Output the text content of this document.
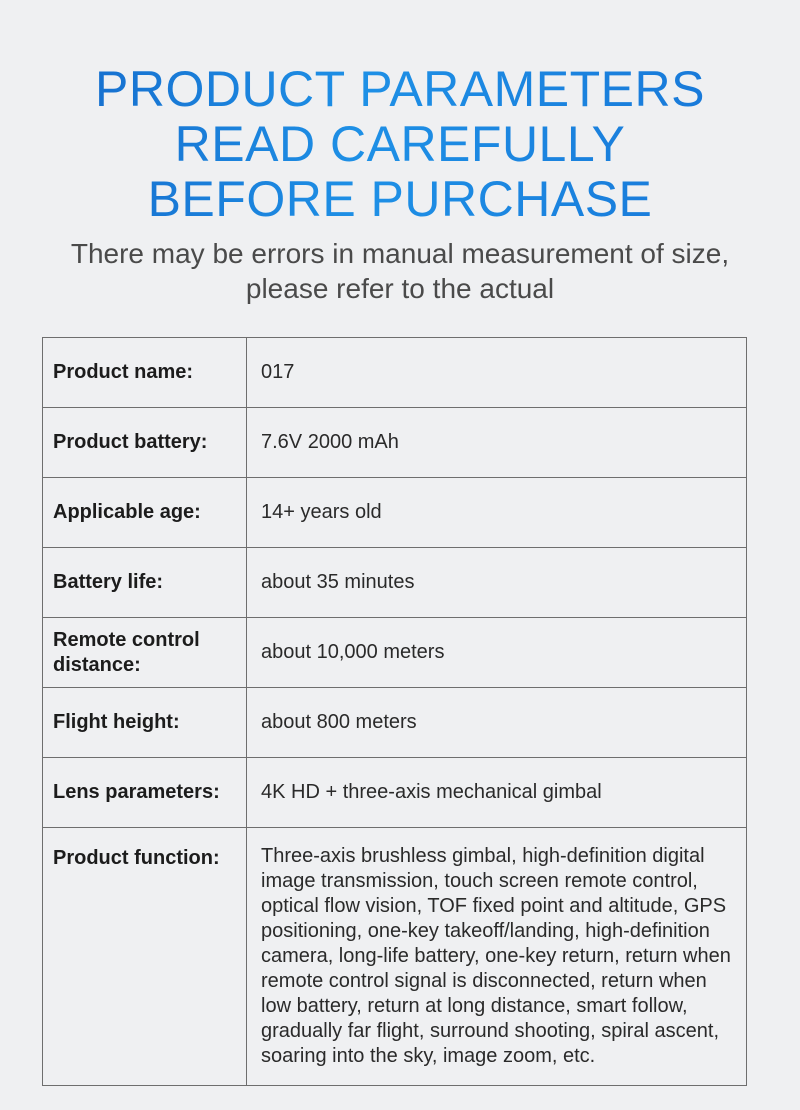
PRODUCT PARAMETERS
READ CAREFULLY
BEFORE PURCHASE
There may be errors in manual measurement of size,
please refer to the actual
Product name:	017
Product battery:	7.6V 2000 mAh
Applicable age:	14+ years old
Battery life:	about 35 minutes
Remote control distance:	about 10,000 meters
Flight height:	about 800 meters
Lens parameters:	4K HD + three-axis mechanical gimbal
Product function:	Three-axis brushless gimbal, high-definition digital image transmission, touch screen remote control, optical flow vision, TOF fixed point and altitude, GPS positioning, one-key takeoff/landing, high-definition camera, long-life battery, one-key return, return when remote control signal is disconnected, return when low battery, return at long distance, smart follow, gradually far flight, surround shooting, spiral ascent, soaring into the sky, image zoom, etc.
